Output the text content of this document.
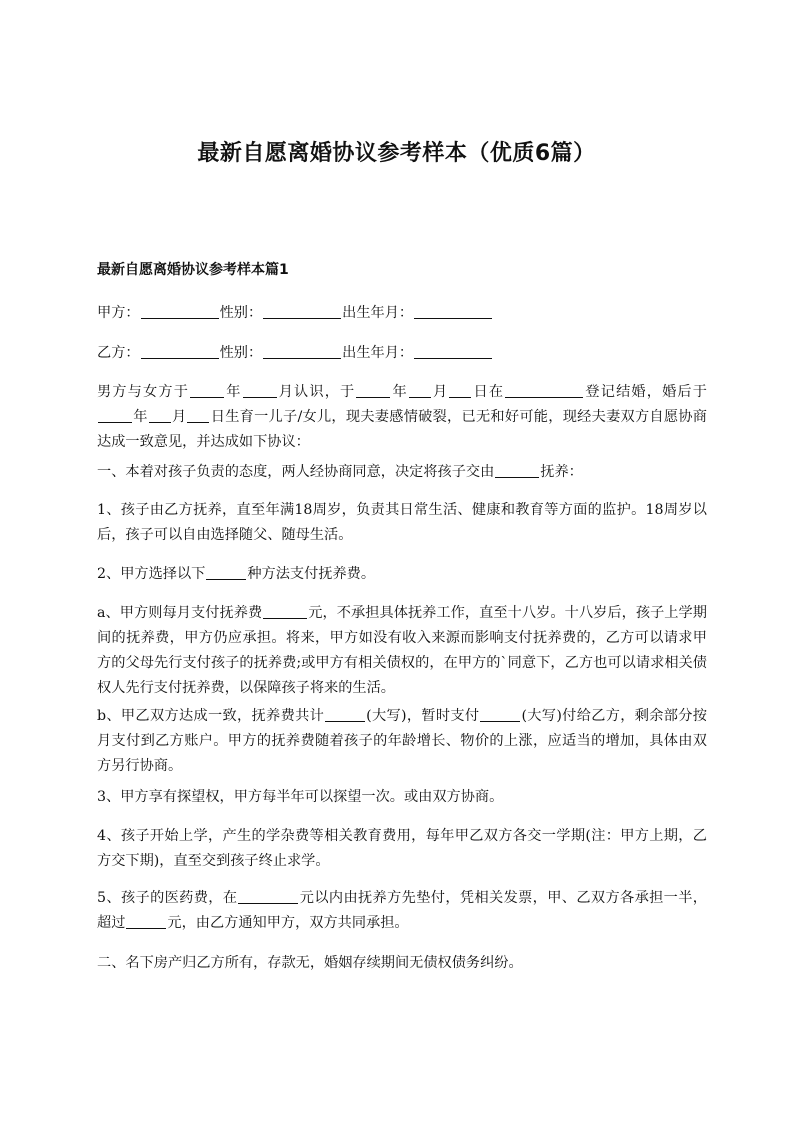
最新自愿离婚协议参考样本（优质6篇）
最新自愿离婚协议参考样本篇1

甲方：	性别：	出生年月：

乙方：	性别：	出生年月：

男方与女方于	年	月认识，于	年 月 日在	登记结婚，婚后于年 月 日生育一儿子/女儿，现夫妻感情破裂，已无和好可能，现经夫妻双方自愿协商达成一致意见，并达成如下协议：

一、本着对孩子负责的态度，两人经协商同意，决定将孩子交由	抚养：

1、孩子由乙方抚养，直至年满18周岁，负责其日常生活、健康和教育等方面的监护。18周岁以后，孩子可以自由选择随父、随母生活。

2、甲方选择以下	种方法支付抚养费。

a、甲方则每月支付抚养费	元，不承担具体抚养工作，直至十八岁。十八岁后，孩子上学期间的抚养费，甲方仍应承担。将来，甲方如没有收入来源而影响支付抚养费的，乙方可以请求甲方的父母先行支付孩子的抚养费;或甲方有相关债权的，在甲方的`同意下，乙方也可以请求相关债权人先行支付抚养费，以保障孩子将来的生活。

b、甲乙双方达成一致，抚养费共计	(大写)，暂时支付	(大写)付给乙方，剩余部分按月支付到乙方账户。甲方的抚养费随着孩子的年龄增长、物价的上涨，应适当的增加，具体由双方另行协商。

3、甲方享有探望权，甲方每半年可以探望一次。或由双方协商。

4、孩子开始上学，产生的学杂费等相关教育费用，每年甲乙双方各交一学期(注：甲方上期，乙方交下期)，直至交到孩子终止求学。

5、孩子的医药费，在	元以内由抚养方先垫付，凭相关发票，甲、乙双方各承担一半，超过	元，由乙方通知甲方，双方共同承担。

二、名下房产归乙方所有，存款无，婚姻存续期间无债权债务纠纷。
